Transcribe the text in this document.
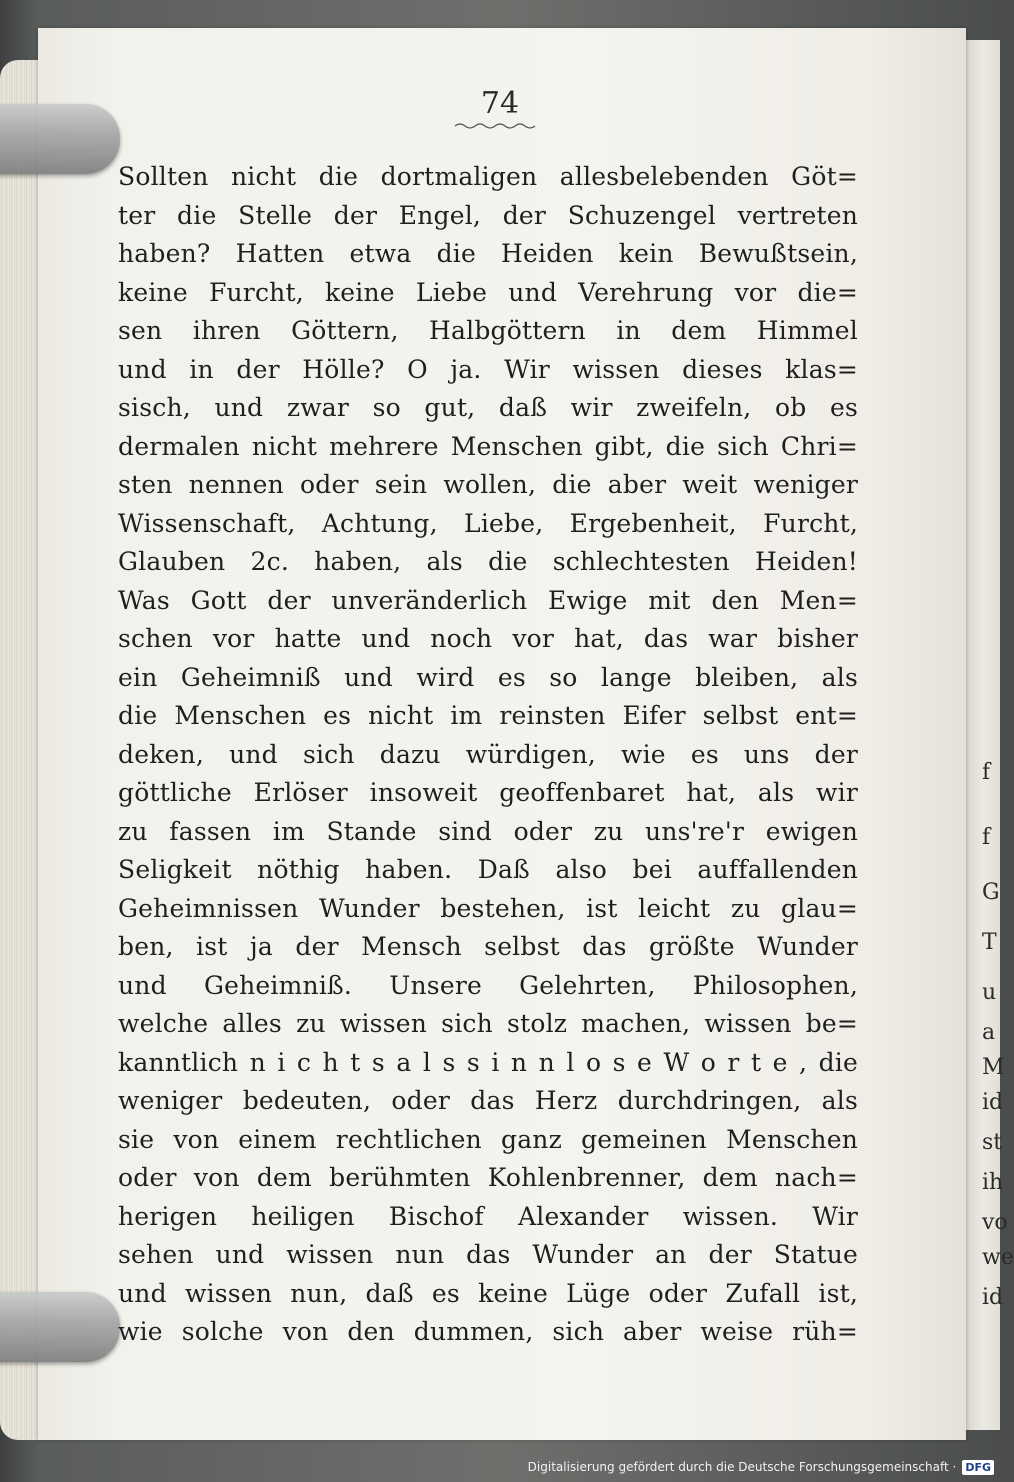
f
f
G
T
u
a
M
id
st
ih
vo
we
id
74
Sollten nicht die dortmaligen allesbelebenden Göt=
ter die Stelle der Engel, der Schuzengel vertreten
haben? Hatten etwa die Heiden kein Bewußtsein,
keine Furcht, keine Liebe und Verehrung vor die=
sen ihren Göttern, Halbgöttern in dem Himmel
und in der Hölle? O ja. Wir wissen dieses klas=
sisch, und zwar so gut, daß wir zweifeln, ob es
dermalen nicht mehrere Menschen gibt, die sich Chri=
sten nennen oder sein wollen, die aber weit weniger
Wissenschaft, Achtung, Liebe, Ergebenheit, Furcht,
Glauben 2c. haben, als die schlechtesten Heiden!
Was Gott der unveränderlich Ewige mit den Men=
schen vor hatte und noch vor hat, das war bisher
ein Geheimniß und wird es so lange bleiben, als
die Menschen es nicht im reinsten Eifer selbst ent=
deken, und sich dazu würdigen, wie es uns der
göttliche Erlöser insoweit geoffenbaret hat, als wir
zu fassen im Stande sind oder zu uns're'r ewigen
Seligkeit nöthig haben. Daß also bei auffallenden
Geheimnissen Wunder bestehen, ist leicht zu glau=
ben, ist ja der Mensch selbst das größte Wunder
und Geheimniß. Unsere Gelehrten, Philosophen,
welche alles zu wissen sich stolz machen, wissen be=
kanntlich n i c h t s a l s s i n n l o s e W o r t e , die
weniger bedeuten, oder das Herz durchdringen, als
sie von einem rechtlichen ganz gemeinen Menschen
oder von dem berühmten Kohlenbrenner, dem nach=
herigen heiligen Bischof Alexander wissen. Wir
sehen und wissen nun das Wunder an der Statue
und wissen nun, daß es keine Lüge oder Zufall ist,
wie solche von den dummen, sich aber weise rüh=
Digitalisierung gefördert durch die Deutsche Forschungsgemeinschaft · DFG
